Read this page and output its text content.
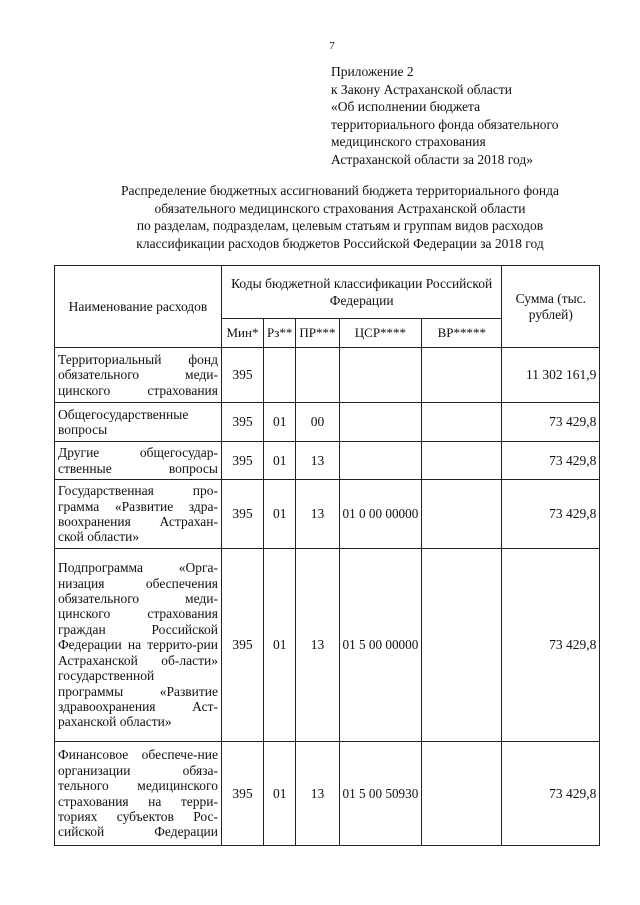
7
Приложение 2
к Закону Астраханской области
«Об исполнении бюджета
территориального фонда обязательного
медицинского страхования
Астраханской области за 2018 год»
Распределение бюджетных ассигнований бюджета территориального фонда
обязательного медицинского страхования Астраханской области
по разделам, подразделам, целевым статьям и группам видов расходов
классификации расходов бюджетов Российской Федерации за 2018 год
Наименование расходов	Коды бюджетной классификации Российской Федерации					Сумма (тыс. рублей)
	Мин*	Рз**	ПР***	ЦСР****	ВР*****	
Территориальный фонд обязательного меди-цинского страхования	395					11 302 161,9
Общегосударственные вопросы	395	01	00			73 429,8
Другие общегосудар-ственные вопросы	395	01	13			73 429,8
Государственная про-грамма «Развитие здра-воохранения Астрахан-ской области»	395	01	13	01 0 00 00000		73 429,8
Подпрограмма «Орга-низация обеспечения обязательного меди-цинского страхования граждан Российской Федерации на террито-рии Астраханской об-ласти» государственной программы «Развитие здравоохранения Аст-раханской области»	395	01	13	01 5 00 00000		73 429,8
Финансовое обеспече-ние организации обяза-тельного медицинского страхования на терри-ториях субъектов Рос-сийской Федерации	395	01	13	01 5 00 50930		73 429,8
